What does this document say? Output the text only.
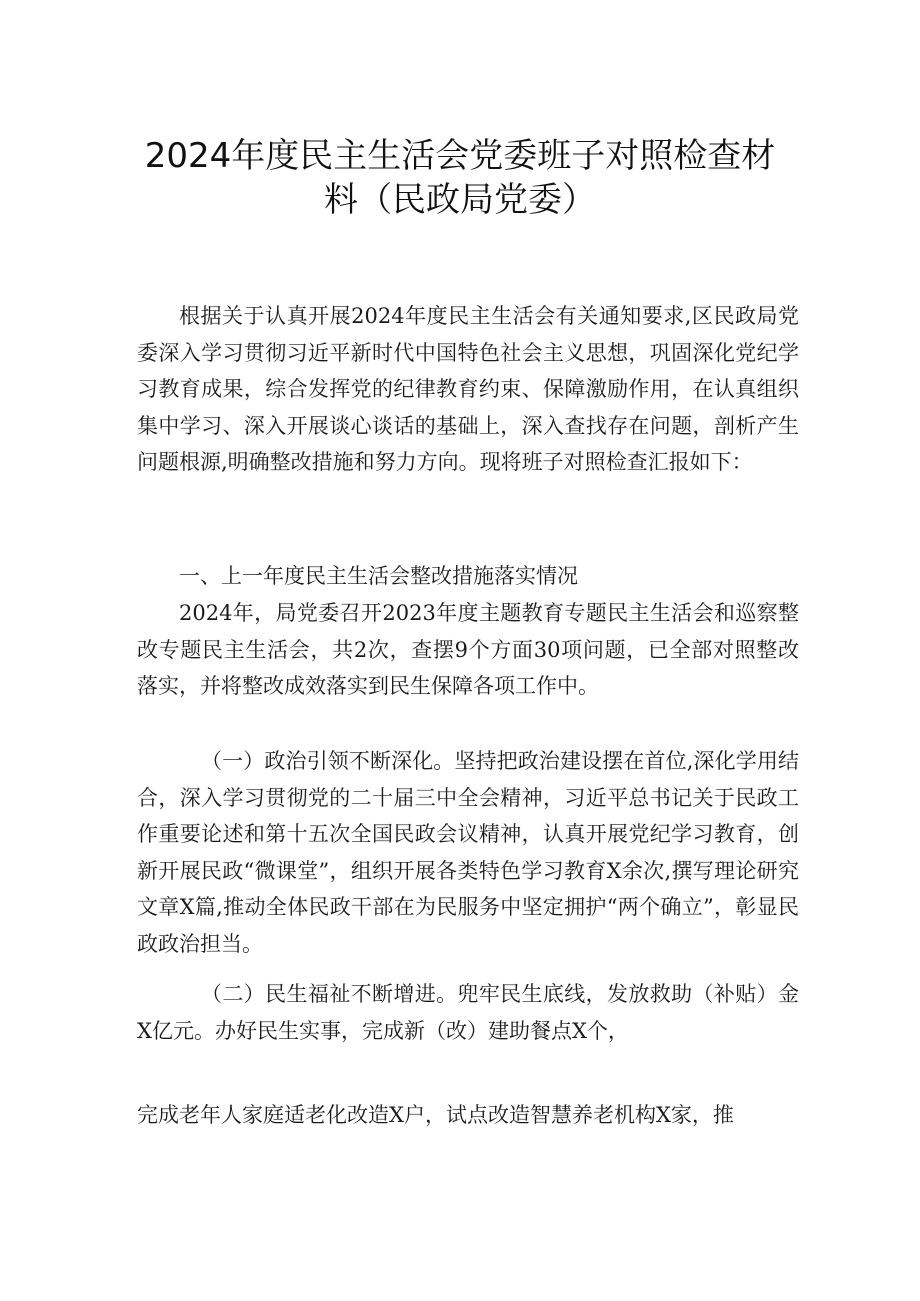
2024年度民主生活会党委班子对照检查材
料（民政局党委）

根据关于认真开展2024年度民主生活会有关通知要求,区民政局党委深入学习贯彻习近平新时代中国特色社会主义思想，巩固深化党纪学习教育成果，综合发挥党的纪律教育约束、保障激励作用，在认真组织集中学习、深入开展谈心谈话的基础上，深入查找存在问题，剖析产生问题根源,明确整改措施和努力方向。现将班子对照检查汇报如下：

一、上一年度民主生活会整改措施落实情况

2024年，局党委召开2023年度主题教育专题民主生活会和巡察整改专题民主生活会，共2次，查摆9个方面30项问题，已全部对照整改落实，并将整改成效落实到民生保障各项工作中。

（一）政治引领不断深化。坚持把政治建设摆在首位,深化学用结合，深入学习贯彻党的二十届三中全会精神，习近平总书记关于民政工作重要论述和第十五次全国民政会议精神，认真开展党纪学习教育，创新开展民政“微课堂”，组织开展各类特色学习教育X余次,撰写理论研究文章X篇,推动全体民政干部在为民服务中坚定拥护“两个确立”，彰显民政政治担当。

（二）民生福祉不断增进。兜牢民生底线，发放救助（补贴）金X亿元。办好民生实事，完成新（改）建助餐点X个，

完成老年人家庭适老化改造X户，试点改造智慧养老机构X家，推
